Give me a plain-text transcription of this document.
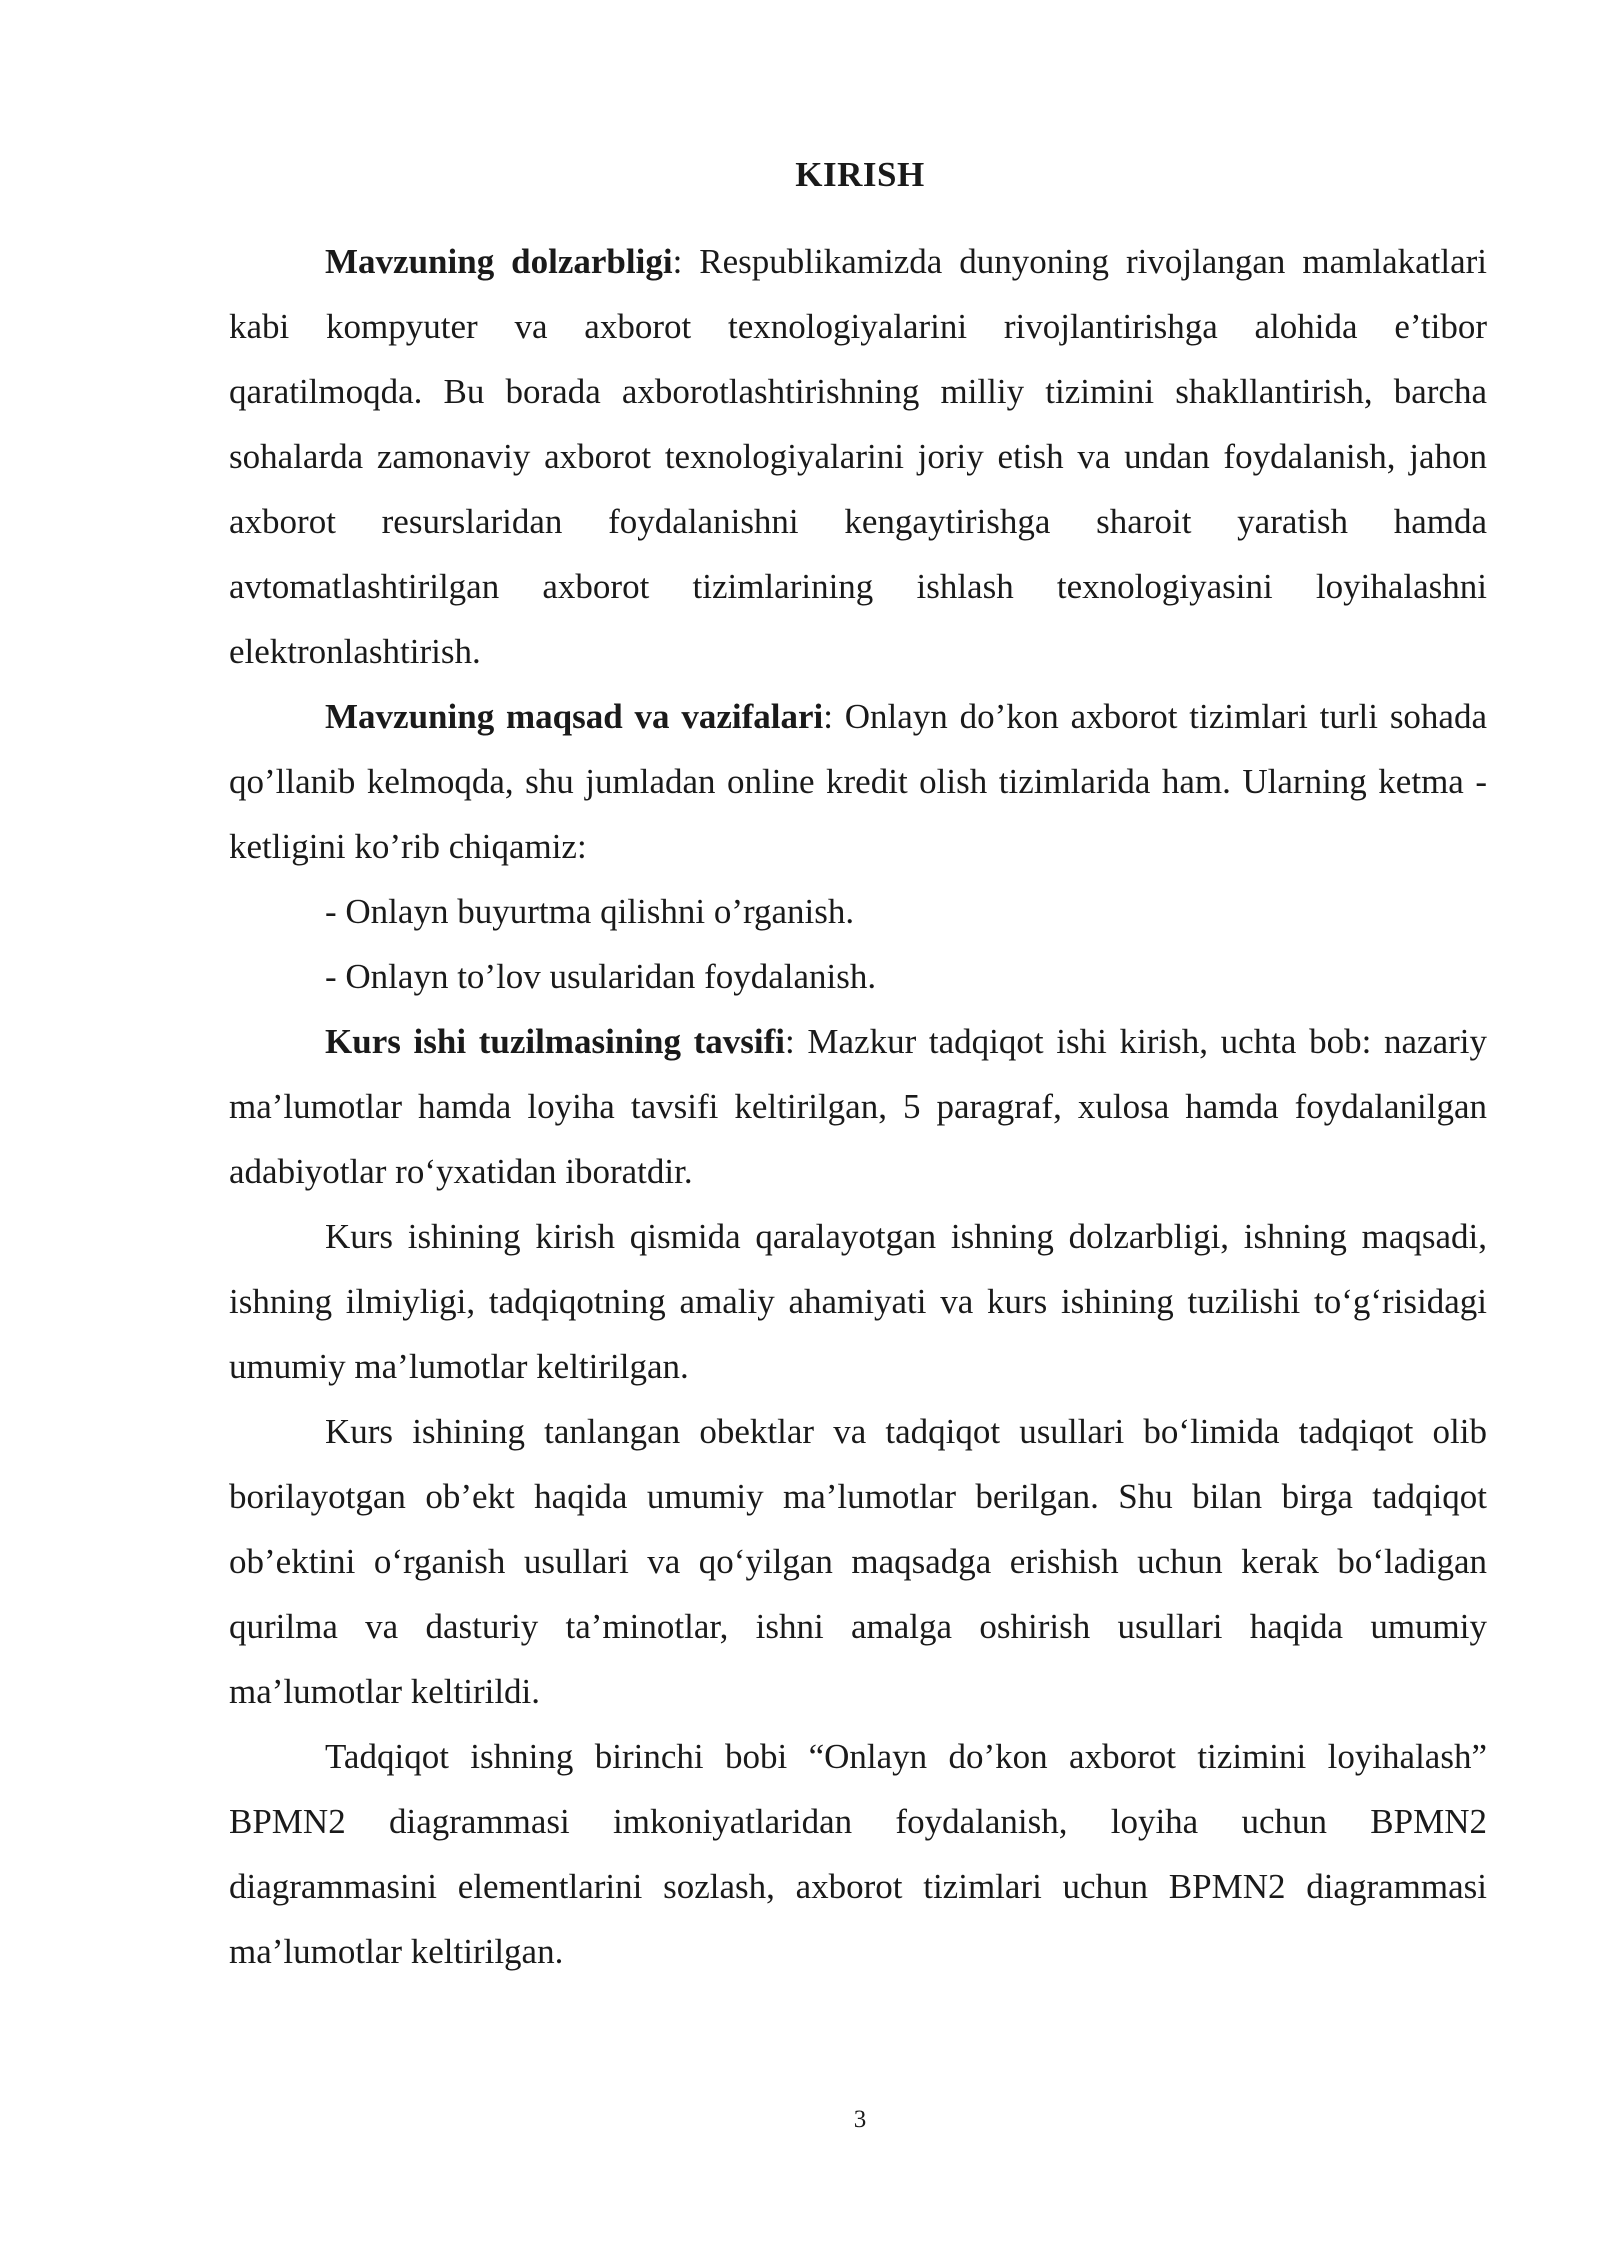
KIRISH

Mavzuning dolzarbligi: Respublikamizda dunyoning rivojlangan mamlakatlari kabi kompyuter va axborot texnologiyalarini rivojlantirishga alohida e’tibor qaratilmoqda. Bu borada axborotlashtirishning milliy tizimini shakllantirish, barcha sohalarda zamonaviy axborot texnologiyalarini joriy etish va undan foydalanish, jahon axborot resurslaridan foydalanishni kengaytirishga sharoit yaratish hamda avtomatlashtirilgan axborot tizimlarining ishlash texnologiyasini loyihalashni elektronlashtirish.

Mavzuning maqsad va vazifalari: Onlayn do’kon axborot tizimlari turli sohada qo’llanib kelmoqda, shu jumladan online kredit olish tizimlarida ham. Ularning ketma - ketligini ko’rib chiqamiz:

- Onlayn buyurtma qilishni o’rganish.

- Onlayn to’lov usularidan foydalanish.

Kurs ishi tuzilmasining tavsifi: Mazkur tadqiqot ishi kirish, uchta bob: nazariy ma’lumotlar hamda loyiha tavsifi keltirilgan, 5 paragraf, xulosa hamda foydalanilgan adabiyotlar ro‘yxatidan iboratdir.

Kurs ishining kirish qismida qaralayotgan ishning dolzarbligi, ishning maqsadi, ishning ilmiyligi, tadqiqotning amaliy ahamiyati va kurs ishining tuzilishi to‘g‘risidagi umumiy ma’lumotlar keltirilgan.

Kurs ishining tanlangan obektlar va tadqiqot usullari bo‘limida tadqiqot olib borilayotgan ob’ekt haqida umumiy ma’lumotlar berilgan. Shu bilan birga tadqiqot ob’ektini o‘rganish usullari va qo‘yilgan maqsadga erishish uchun kerak bo‘ladigan qurilma va dasturiy ta’minotlar, ishni amalga oshirish usullari haqida umumiy ma’lumotlar keltirildi.

Tadqiqot ishning birinchi bobi “Onlayn do’kon axborot tizimini loyihalash” BPMN2 diagrammasi imkoniyatlaridan foydalanish, loyiha uchun BPMN2 diagrammasini elementlarini sozlash, axborot tizimlari uchun BPMN2 diagrammasi ma’lumotlar keltirilgan.

3
